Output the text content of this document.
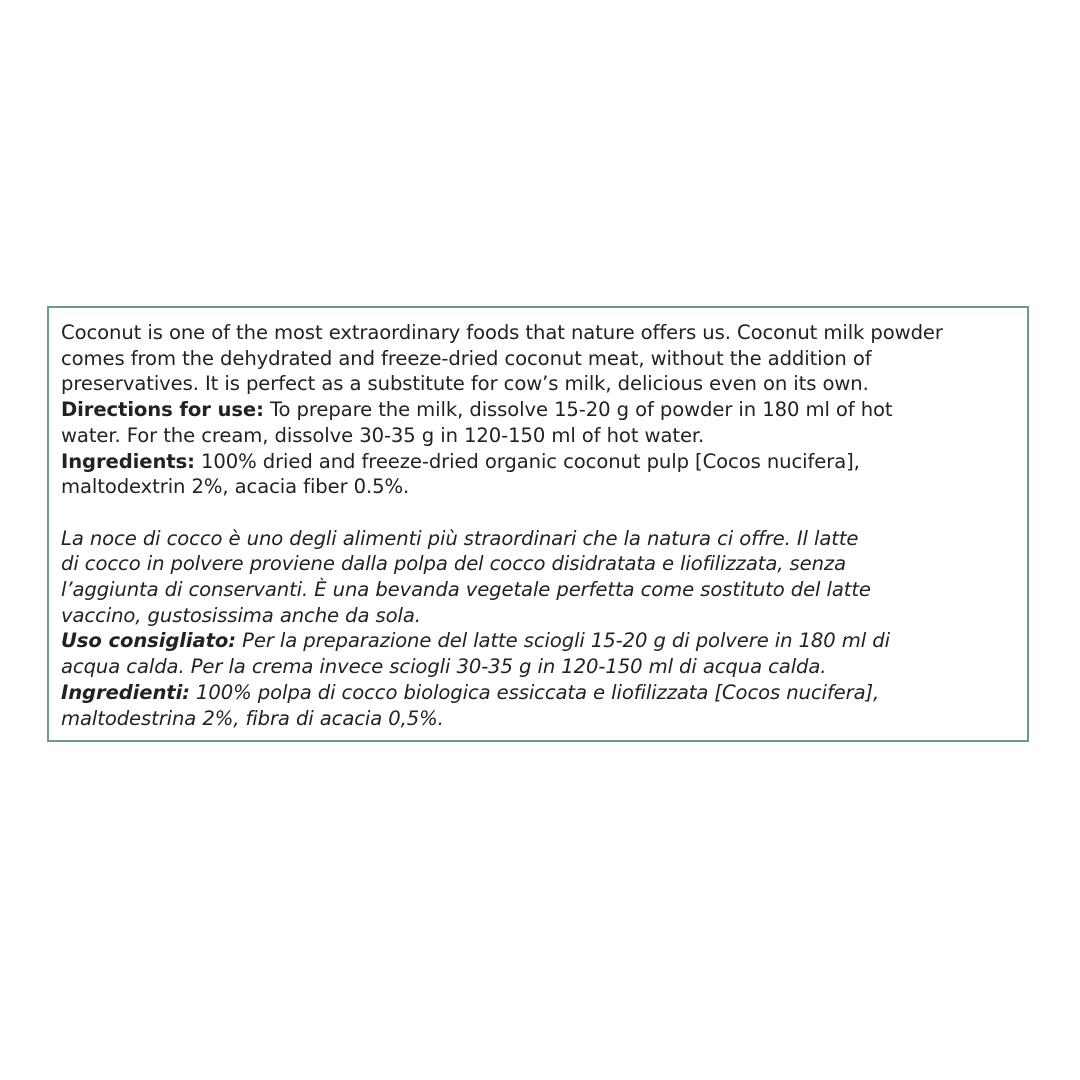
Coconut is one of the most extraordinary foods that nature offers us. Coconut milk powder
comes from the dehydrated and freeze-dried coconut meat, without the addition of
preservatives. It is perfect as a substitute for cow’s milk, delicious even on its own.
Directions for use: To prepare the milk, dissolve 15-20 g of powder in 180 ml of hot
water. For the cream, dissolve 30-35 g in 120-150 ml of hot water.
Ingredients: 100% dried and freeze-dried organic coconut pulp [Cocos nucifera],
maltodextrin 2%, acacia fiber 0.5%.
La noce di cocco è uno degli alimenti più straordinari che la natura ci offre. Il latte
di cocco in polvere proviene dalla polpa del cocco disidratata e liofilizzata, senza
l’aggiunta di conservanti. È una bevanda vegetale perfetta come sostituto del latte
vaccino, gustosissima anche da sola.
Uso consigliato: Per la preparazione del latte sciogli 15-20 g di polvere in 180 ml di
acqua calda. Per la crema invece sciogli 30-35 g in 120-150 ml di acqua calda.
Ingredienti: 100% polpa di cocco biologica essiccata e liofilizzata [Cocos nucifera],
maltodestrina 2%, fibra di acacia 0,5%.
